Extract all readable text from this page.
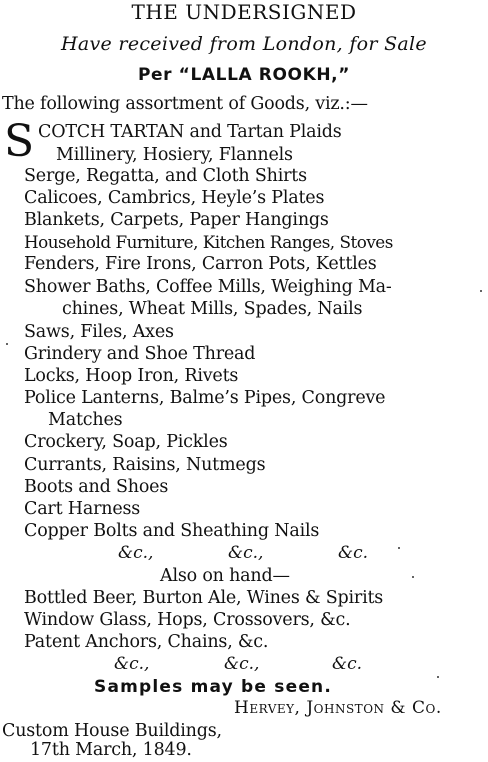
THE UNDERSIGNED
Have received from London, for Sale
Per “LALLA ROOKH,”
The following assortment of Goods, viz.:—
S COTCH TARTAN and Tartan Plaids
Millinery, Hosiery, Flannels
Serge, Regatta, and Cloth Shirts
Calicoes, Cambrics, Heyle’s Plates
Blankets, Carpets, Paper Hangings
Household Furniture, Kitchen Ranges, Stoves
Fenders, Fire Irons, Carron Pots, Kettles
Shower Baths, Coffee Mills, Weighing Ma-
chines, Wheat Mills, Spades, Nails
Saws, Files, Axes
Grindery and Shoe Thread
Locks, Hoop Iron, Rivets
Police Lanterns, Balme’s Pipes, Congreve
Matches
Crockery, Soap, Pickles
Currants, Raisins, Nutmegs
Boots and Shoes
Cart Harness
Copper Bolts and Sheathing Nails
&c.,	&c.,	&c.
Also on hand—
Bottled Beer, Burton Ale, Wines & Spirits
Window Glass, Hops, Crossovers, &c.
Patent Anchors, Chains, &c.
&c.,	&c.,	&c.
Samples may be seen.
Hervey, Johnston & Co.
Custom House Buildings,
17th March, 1849.
